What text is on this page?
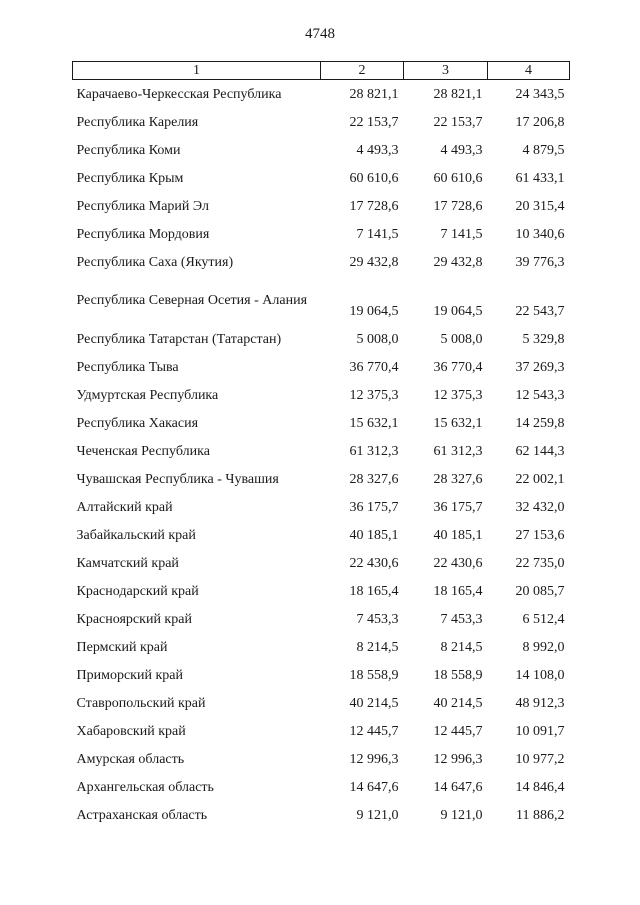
4748
1	2	3	4
Карачаево-Черкесская Республика	28 821,1	28 821,1	24 343,5
Республика Карелия	22 153,7	22 153,7	17 206,8
Республика Коми	4 493,3	4 493,3	4 879,5
Республика Крым	60 610,6	60 610,6	61 433,1
Республика Марий Эл	17 728,6	17 728,6	20 315,4
Республика Мордовия	7 141,5	7 141,5	10 340,6
Республика Саха (Якутия)	29 432,8	29 432,8	39 776,3
Республика Северная Осетия - Алания	19 064,5	19 064,5	22 543,7
Республика Татарстан (Татарстан)	5 008,0	5 008,0	5 329,8
Республика Тыва	36 770,4	36 770,4	37 269,3
Удмуртская Республика	12 375,3	12 375,3	12 543,3
Республика Хакасия	15 632,1	15 632,1	14 259,8
Чеченская Республика	61 312,3	61 312,3	62 144,3
Чувашская Республика - Чувашия	28 327,6	28 327,6	22 002,1
Алтайский край	36 175,7	36 175,7	32 432,0
Забайкальский край	40 185,1	40 185,1	27 153,6
Камчатский край	22 430,6	22 430,6	22 735,0
Краснодарский край	18 165,4	18 165,4	20 085,7
Красноярский край	7 453,3	7 453,3	6 512,4
Пермский край	8 214,5	8 214,5	8 992,0
Приморский край	18 558,9	18 558,9	14 108,0
Ставропольский край	40 214,5	40 214,5	48 912,3
Хабаровский край	12 445,7	12 445,7	10 091,7
Амурская область	12 996,3	12 996,3	10 977,2
Архангельская область	14 647,6	14 647,6	14 846,4
Астраханская область	9 121,0	9 121,0	11 886,2
